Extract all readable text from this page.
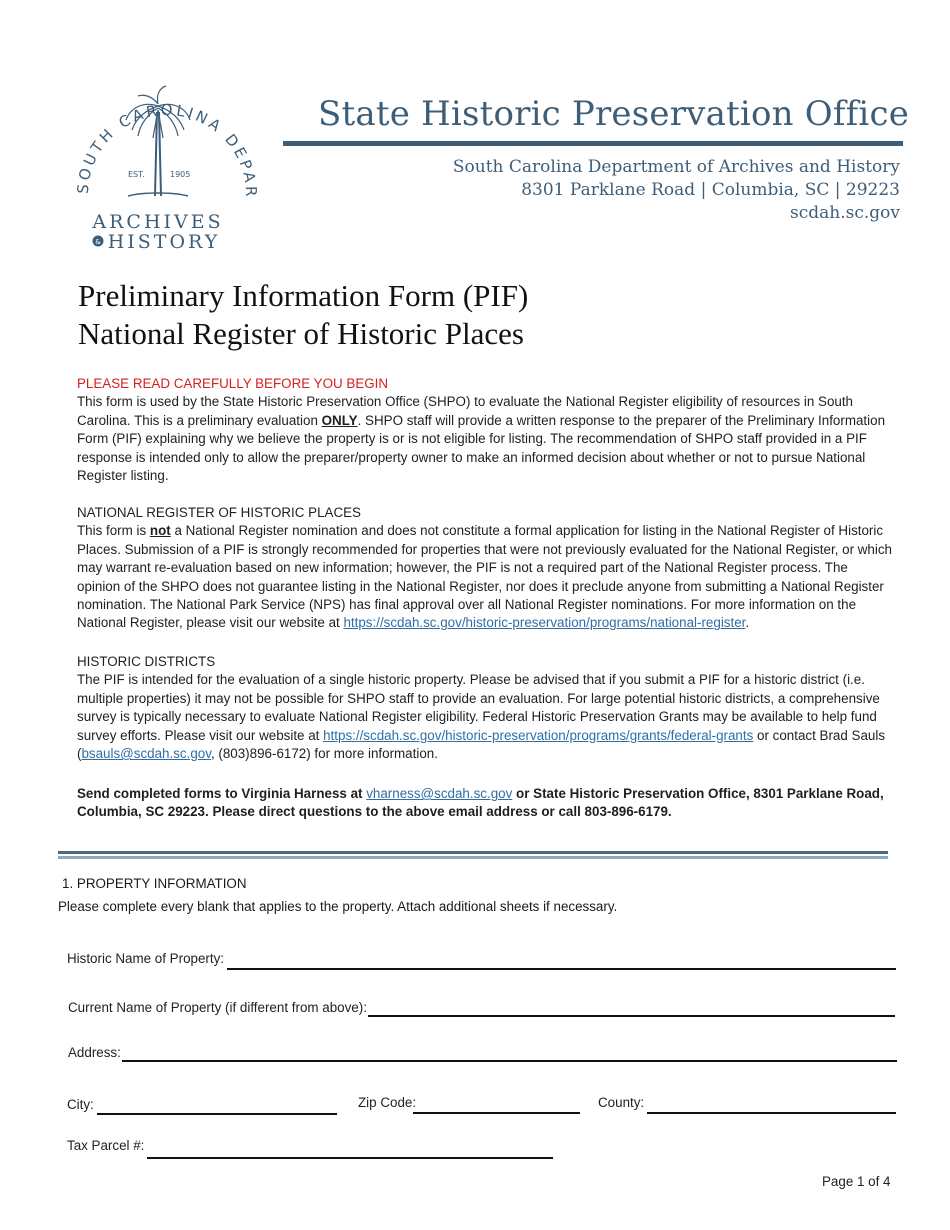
SOUTH CAROLINA DEPAR
EST.	1905
ARCHIVES
& HISTORY
State Historic Preservation Office
South Carolina Department of Archives and History
8301 Parklane Road | Columbia, SC | 29223
scdah.sc.gov
Preliminary Information Form (PIF)
National Register of Historic Places
PLEASE READ CAREFULLY BEFORE YOU BEGIN
This form is used by the State Historic Preservation Office (SHPO) to evaluate the National Register eligibility of resources in South Carolina. This is a preliminary evaluation ONLY. SHPO staff will provide a written response to the preparer of the Preliminary Information Form (PIF) explaining why we believe the property is or is not eligible for listing. The recommendation of SHPO staff provided in a PIF response is intended only to allow the preparer/property owner to make an informed decision about whether or not to pursue National Register listing.
NATIONAL REGISTER OF HISTORIC PLACES
This form is not a National Register nomination and does not constitute a formal application for listing in the National Register of Historic Places. Submission of a PIF is strongly recommended for properties that were not previously evaluated for the National Register, or which may warrant re-evaluation based on new information; however, the PIF is not a required part of the National Register process. The opinion of the SHPO does not guarantee listing in the National Register, nor does it preclude anyone from submitting a National Register nomination. The National Park Service (NPS) has final approval over all National Register nominations. For more information on the National Register, please visit our website at https://scdah.sc.gov/historic-preservation/programs/national-register.
HISTORIC DISTRICTS
The PIF is intended for the evaluation of a single historic property. Please be advised that if you submit a PIF for a historic district (i.e. multiple properties) it may not be possible for SHPO staff to provide an evaluation. For large potential historic districts, a comprehensive survey is typically necessary to evaluate National Register eligibility. Federal Historic Preservation Grants may be available to help fund survey efforts. Please visit our website at https://scdah.sc.gov/historic-preservation/programs/grants/federal-grants or contact Brad Sauls (bsauls@scdah.sc.gov, (803)896-6172) for more information.
Send completed forms to Virginia Harness at vharness@scdah.sc.gov or State Historic Preservation Office, 8301 Parklane Road, Columbia, SC 29223. Please direct questions to the above email address or call 803-896-6179.
1. PROPERTY INFORMATION
Please complete every blank that applies to the property. Attach additional sheets if necessary.
Historic Name of Property:
Current Name of Property (if different from above):
Address:
City:	Zip Code:	County:
Tax Parcel #:
Page 1 of 4
